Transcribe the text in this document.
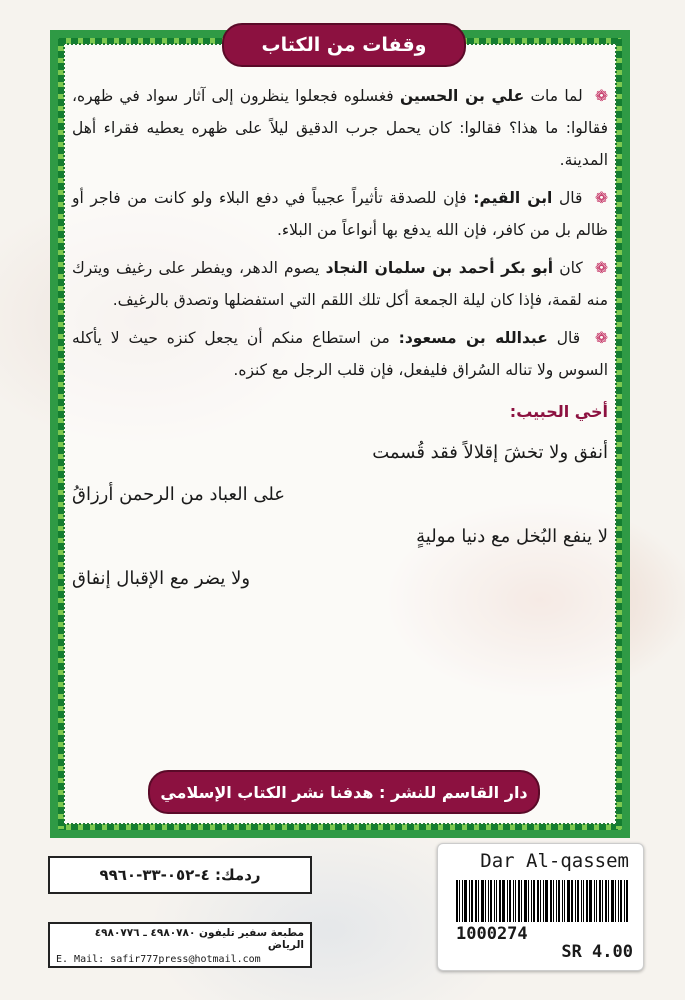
وقفات من الكتاب

❁ لما مات علي بن الحسين فغسلوه فجعلوا ينظرون إلى آثار سواد في ظهره، فقالوا: ما هذا؟ فقالوا: كان يحمل جرب الدقيق ليلاً على ظهره يعطيه فقراء أهل المدينة.

❁ قال ابن القيم: فإن للصدقة تأثيراً عجيباً في دفع البلاء ولو كانت من فاجر أو ظالم بل من كافر، فإن الله يدفع بها أنواعاً من البلاء.

❁ كان أبو بكر أحمد بن سلمان النجاد يصوم الدهر، ويفطر على رغيف ويترك منه لقمة، فإذا كان ليلة الجمعة أكل تلك اللقم التي استفضلها وتصدق بالرغيف.

❁ قال عبدالله بن مسعود: من استطاع منكم أن يجعل كنزه حيث لا يأكله السوس ولا تناله السُراق فليفعل، فإن قلب الرجل مع كنزه.

أخي الحبيب:
أنفق ولا تخشَ إقلالاً فقد قُسمت
على العباد من الرحمن أرزاقُ
لا ينفع البُخل مع دنيا موليةٍ
ولا يضر مع الإقبال إنفاق
دار القاسم للنشر : هدفنا نشر الكتاب الإسلامي
ردمك: ٤-٠٥٢-٣٣-٩٩٦٠
مطبعة سفير تليفون ٤٩٨٠٧٨٠ ـ ٤٩٨٠٧٧٦ الرياض
E. Mail: safir777press@hotmail.com
Dar Al-qassem
1000274
SR 4.00
